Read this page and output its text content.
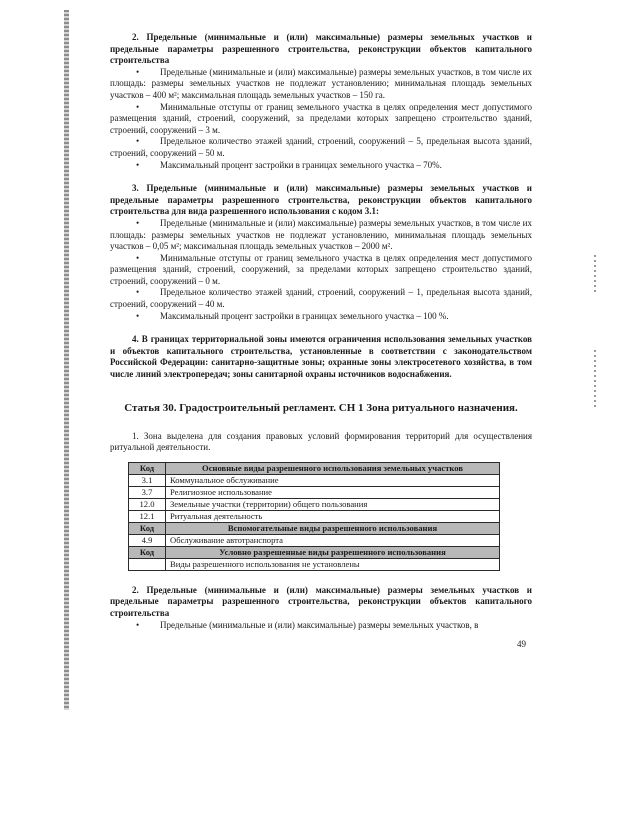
2. Предельные (минимальные и (или) максимальные) размеры земельных участков и предельные параметры разрешенного строительства, реконструкции объектов капитального строительства

• Предельные (минимальные и (или) максимальные) размеры земельных участков, в том числе их площадь: размеры земельных участков не подлежат установлению; минимальная площадь земельных участков – 400 м²; максимальная площадь земельных участков – 150 га.

• Минимальные отступы от границ земельного участка в целях определения мест допустимого размещения зданий, строений, сооружений, за пределами которых запрещено строительство зданий, строений, сооружений – 3 м.

• Предельное количество этажей зданий, строений, сооружений – 5, предельная высота зданий, строений, сооружений – 50 м.

• Максимальный процент застройки в границах земельного участка – 70%.

3. Предельные (минимальные и (или) максимальные) размеры земельных участков и предельные параметры разрешенного строительства, реконструкции объектов капитального строительства для вида разрешенного использования с кодом 3.1:

• Предельные (минимальные и (или) максимальные) размеры земельных участков, в том числе их площадь: размеры земельных участков не подлежат установлению, минимальная площадь земельных участков – 0,05 м²; максимальная площадь земельных участков – 2000 м².

• Минимальные отступы от границ земельного участка в целях определения мест допустимого размещения зданий, строений, сооружений, за пределами которых запрещено строительство зданий, строений, сооружений – 0 м.

• Предельное количество этажей зданий, строений, сооружений – 1, предельная высота зданий, строений, сооружений – 40 м.

• Максимальный процент застройки в границах земельного участка – 100 %.

4. В границах территориальной зоны имеются ограничения использования земельных участков и объектов капитального строительства, установленные в соответствии с законодательством Российской Федерации: санитарно-защитные зоны; охранные зоны электросетевого хозяйства, в том числе линий электропередач; зоны санитарной охраны источников водоснабжения.

Статья 30. Градостроительный регламент. СН 1 Зона ритуального назначения.

1. Зона выделена для создания правовых условий формирования территорий для осуществления ритуальной деятельности.

Код	Основные виды разрешенного использования земельных участков
3.1	Коммунальное обслуживание
3.7	Религиозное использование
12.0	Земельные участки (территории) общего пользования
12.1	Ритуальная деятельность
Код	Вспомогательные виды разрешенного использования
4.9	Обслуживание автотранспорта
Код	Условно разрешенные виды разрешенного использования
	Виды разрешенного использования не установлены

2. Предельные (минимальные и (или) максимальные) размеры земельных участков и предельные параметры разрешенного строительства, реконструкции объектов капитального строительства

• Предельные (минимальные и (или) максимальные) размеры земельных участков, в

49
